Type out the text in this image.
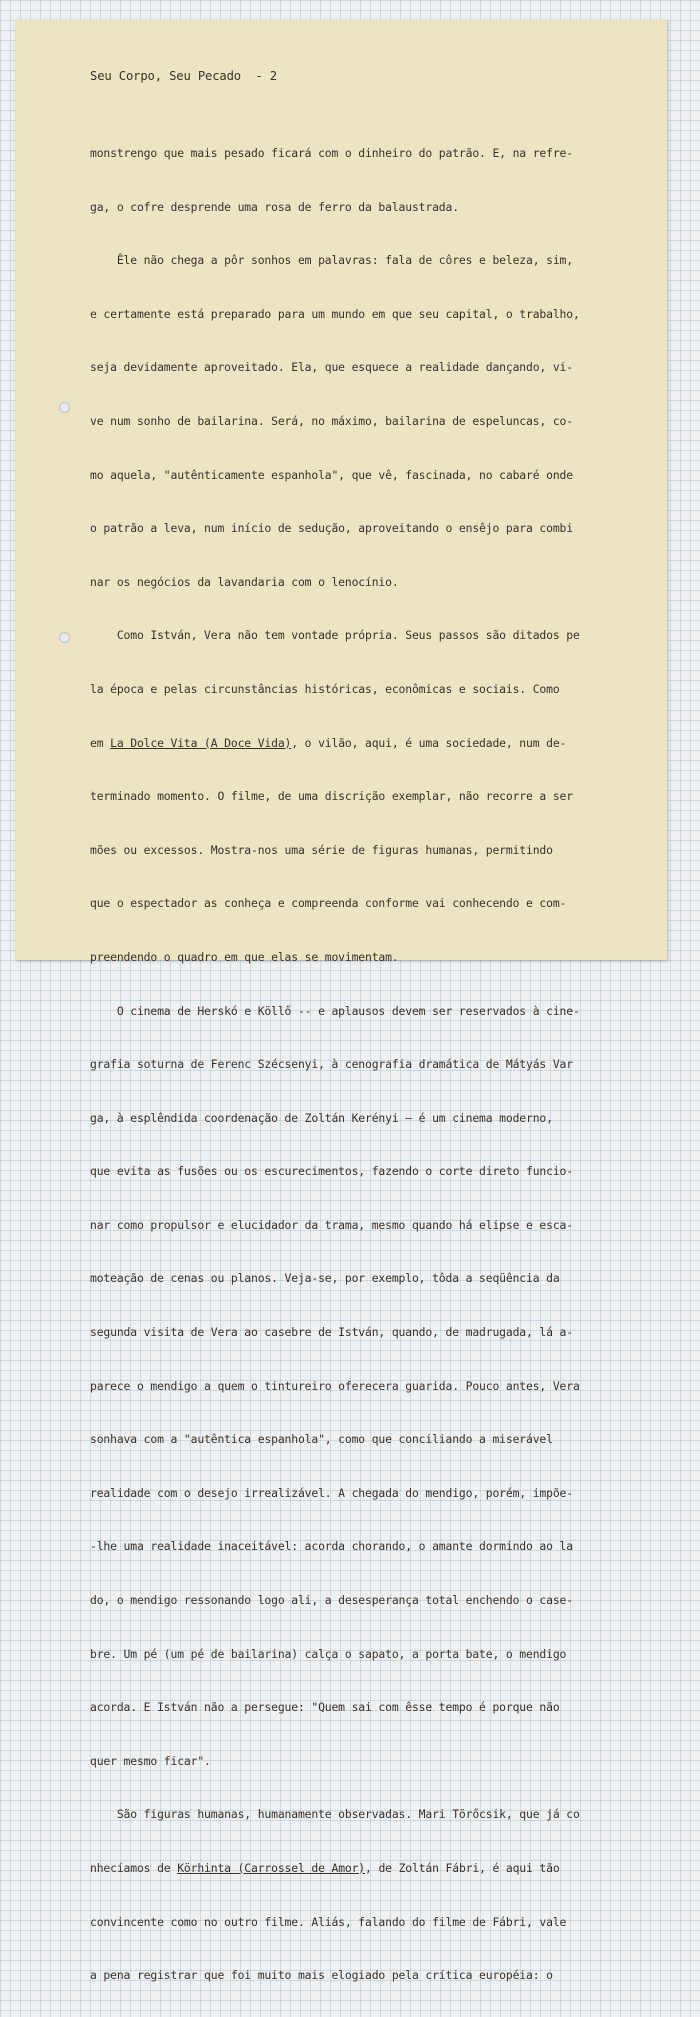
Seu Corpo, Seu Pecado  - 2

monstrengo que mais pesado ficará com o dinheiro do patrão. E, na refre-

ga, o cofre desprende uma rosa de ferro da balaustrada.

Êle não chega a pôr sonhos em palavras: fala de côres e beleza, sim,

e certamente está preparado para um mundo em que seu capital, o trabalho,

seja devidamente aproveitado. Ela, que esquece a realidade dançando, vi-

ve num sonho de bailarina. Será, no máximo, bailarina de espeluncas, co-

mo aquela, "autênticamente espanhola", que vê, fascinada, no cabaré onde

o patrão a leva, num início de sedução, aproveitando o ensêjo para combi

nar os negócios da lavandaria com o lenocínio.

Como István, Vera não tem vontade própria. Seus passos são ditados pe

la época e pelas circunstâncias históricas, econômicas e sociais. Como

em La Dolce Vita (A Doce Vida), o vilão, aqui, é uma sociedade, num de-

terminado momento. O filme, de uma discrição exemplar, não recorre a ser

mões ou excessos. Mostra-nos uma série de figuras humanas, permitindo

que o espectador as conheça e compreenda conforme vai conhecendo e com-

preendendo o quadro em que elas se movimentam.

O cinema de Herskó e Köllő -- e aplausos devem ser reservados à cine-

grafia soturna de Ferenc Szécsenyi, à cenografia dramática de Mátyás Var

ga, à esplêndida coordenação de Zoltán Kerényi — é um cinema moderno,

que evita as fusões ou os escurecimentos, fazendo o corte direto funcio-

nar como propulsor e elucidador da trama, mesmo quando há elipse e esca-

moteação de cenas ou planos. Veja-se, por exemplo, tôda a seqüência da

segunda visita de Vera ao casebre de István, quando, de madrugada, lá a-

parece o mendigo a quem o tintureiro oferecera guarida. Pouco antes, Vera

sonhava com a "autêntica espanhola", como que conciliando a miserável

realidade com o desejo irrealizável. A chegada do mendigo, porém, impõe-

-lhe uma realidade inaceitável: acorda chorando, o amante dormindo ao la

do, o mendigo ressonando logo ali, a desesperança total enchendo o case-

bre. Um pé (um pé de bailarina) calça o sapato, a porta bate, o mendigo

acorda. E István não a persegue: "Quem sai com êsse tempo é porque não

quer mesmo ficar".

São figuras humanas, humanamente observadas. Mari Törőcsik, que já co

nhecíamos de Körhinta (Carrossel de Amor), de Zoltán Fábri, é aqui tão

convincente como no outro filme. Aliás, falando do filme de Fábri, vale

a pena registrar que foi muito mais elogiado pela crítica européia: o
